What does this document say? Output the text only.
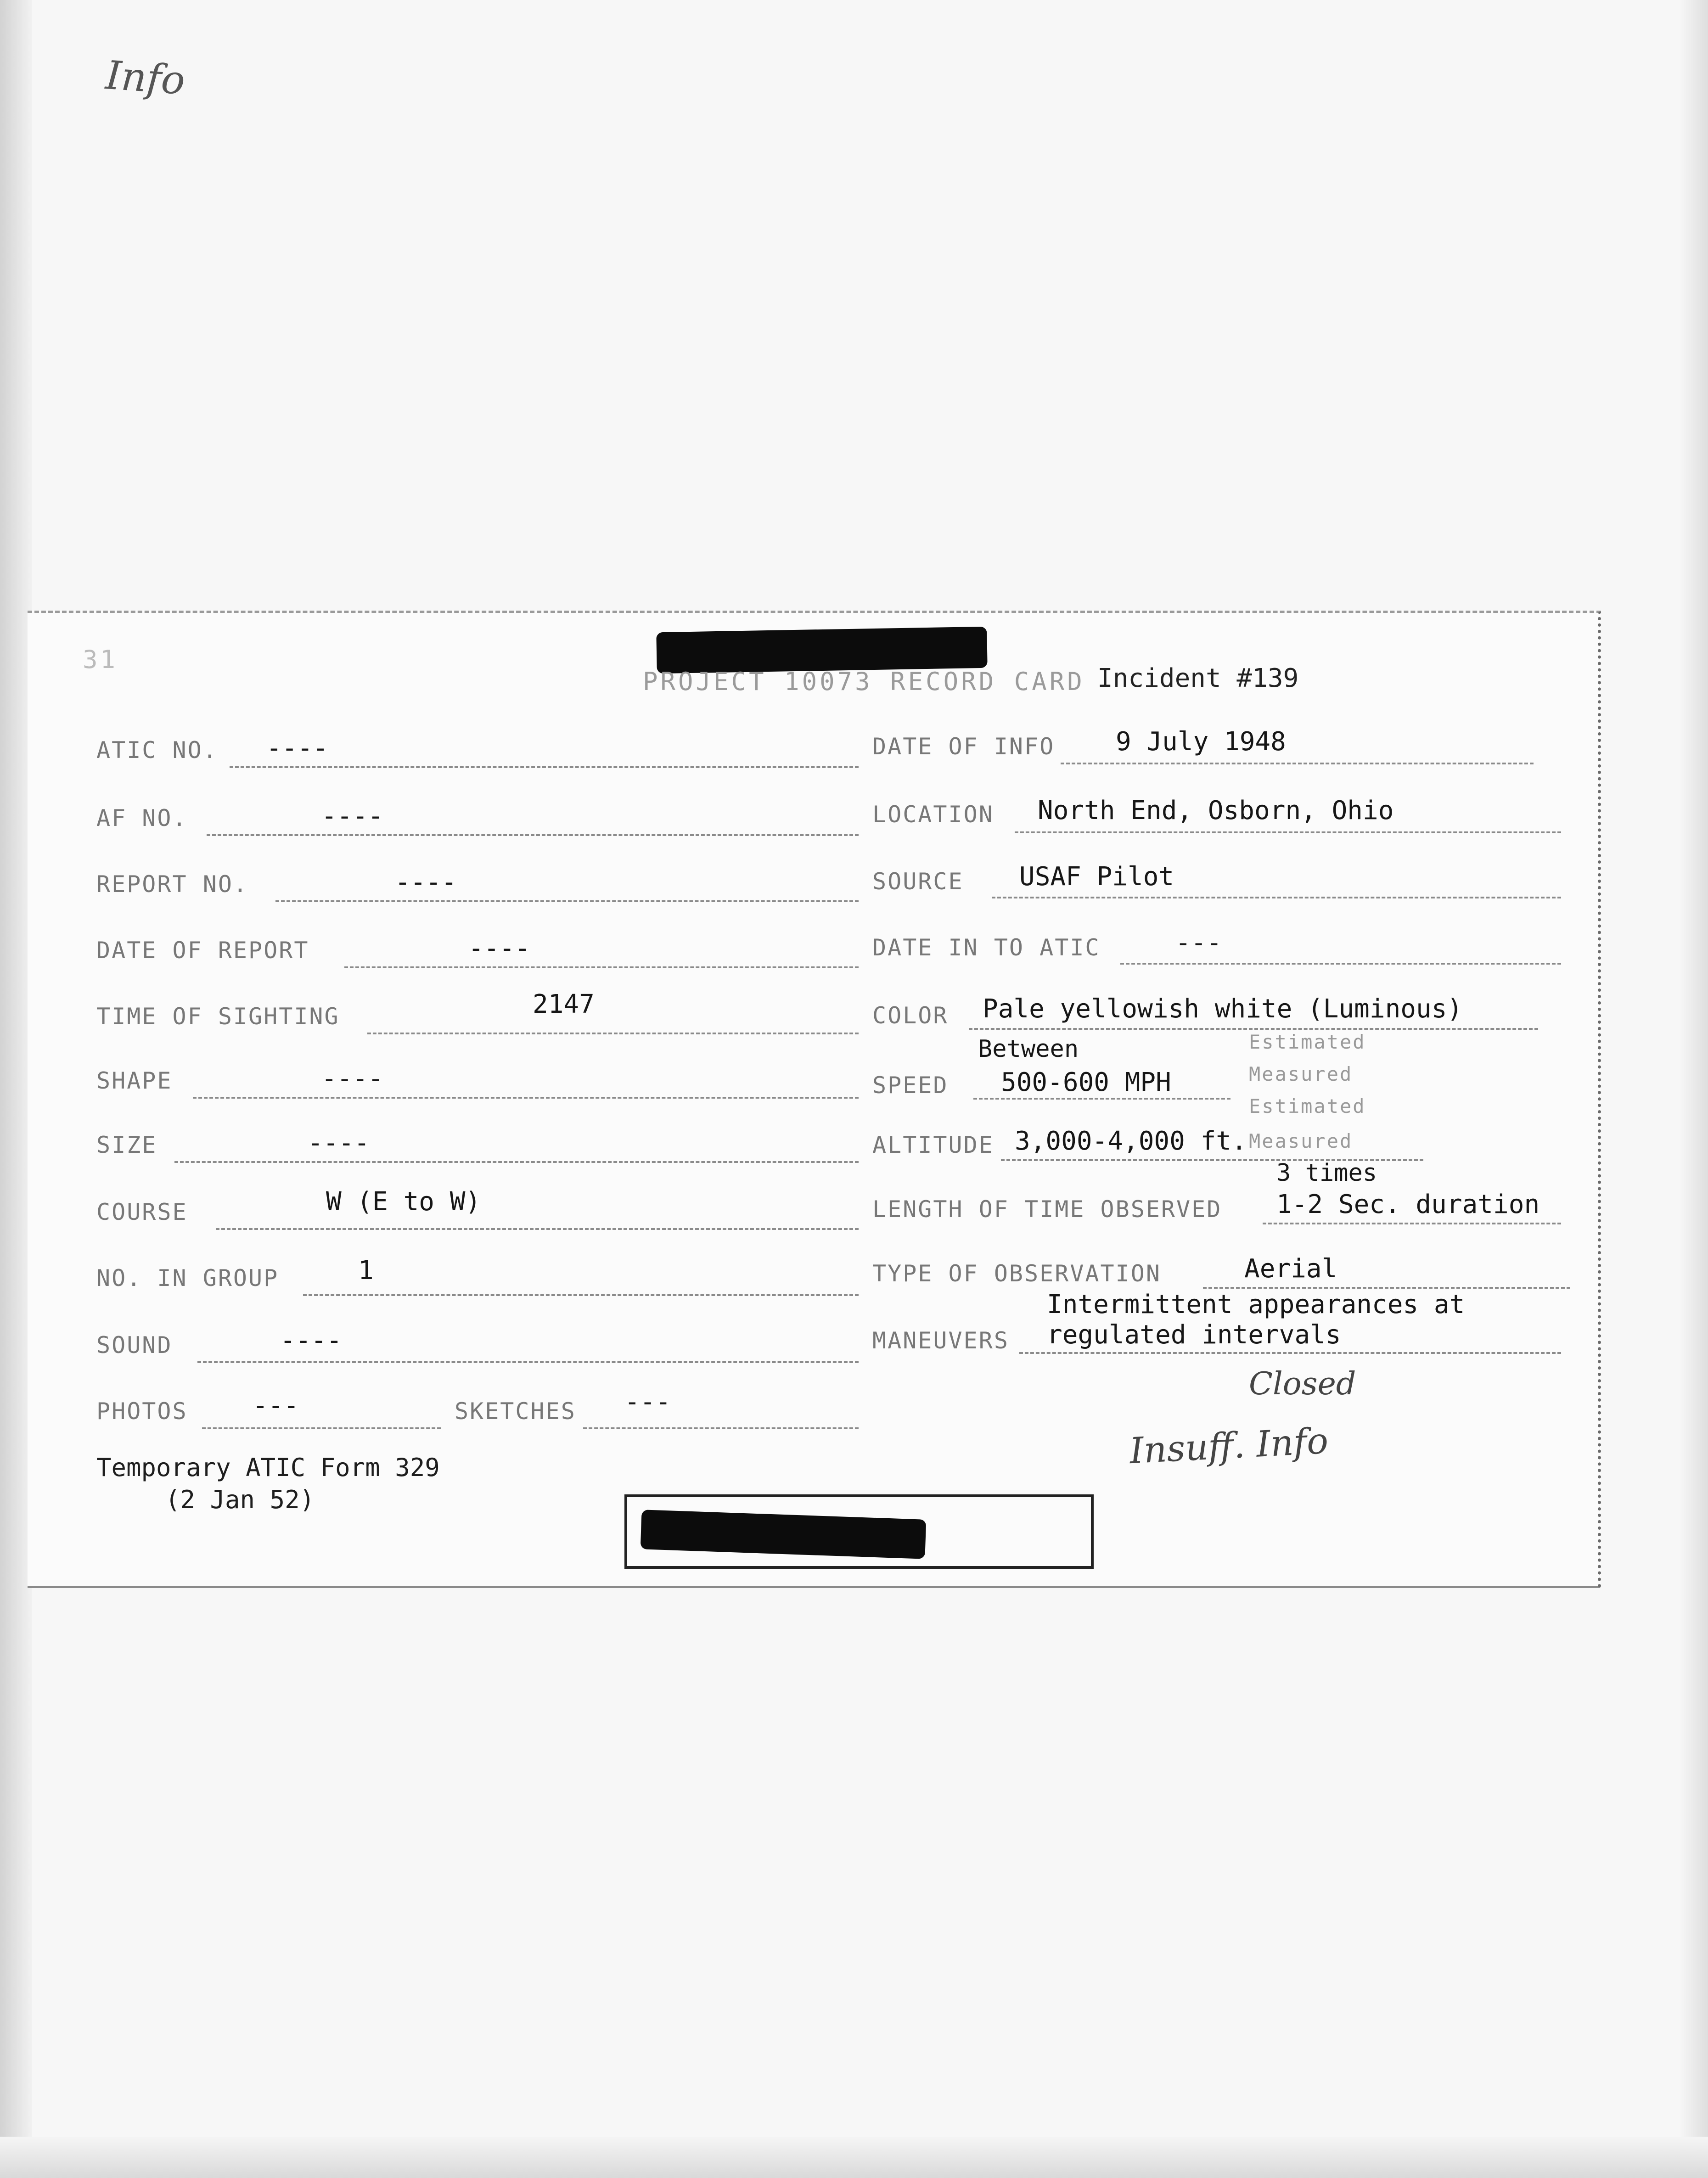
Info
31
PROJECT 10073 RECORD CARD Incident #139
ATIC NO. ----
AF NO.	----
REPORT NO.	----
DATE OF REPORT	----
TIME OF SIGHTING	2147
SHAPE	----
SIZE	----
COURSE	W (E to W)
NO. IN GROUP	1
SOUND	----
PHOTOS	---	SKETCHES ---
Temporary ATIC Form 329
(2 Jan 52)
DATE OF INFO 9 July 1948
LOCATION North End, Osborn, Ohio
SOURCE USAF Pilot
DATE IN TO ATIC	---
COLOR Pale yellowish white (Luminous)
Between
SPEED 500-600 MPH
Estimated
Measured
Estimated
ALTITUDE 3,000-4,000 ft. Measured
3 times
LENGTH OF TIME OBSERVED 1-2 Sec. duration
TYPE OF OBSERVATION	Aerial
Intermittent appearances at
MANEUVERS regulated intervals
Closed
Insuff. Info
